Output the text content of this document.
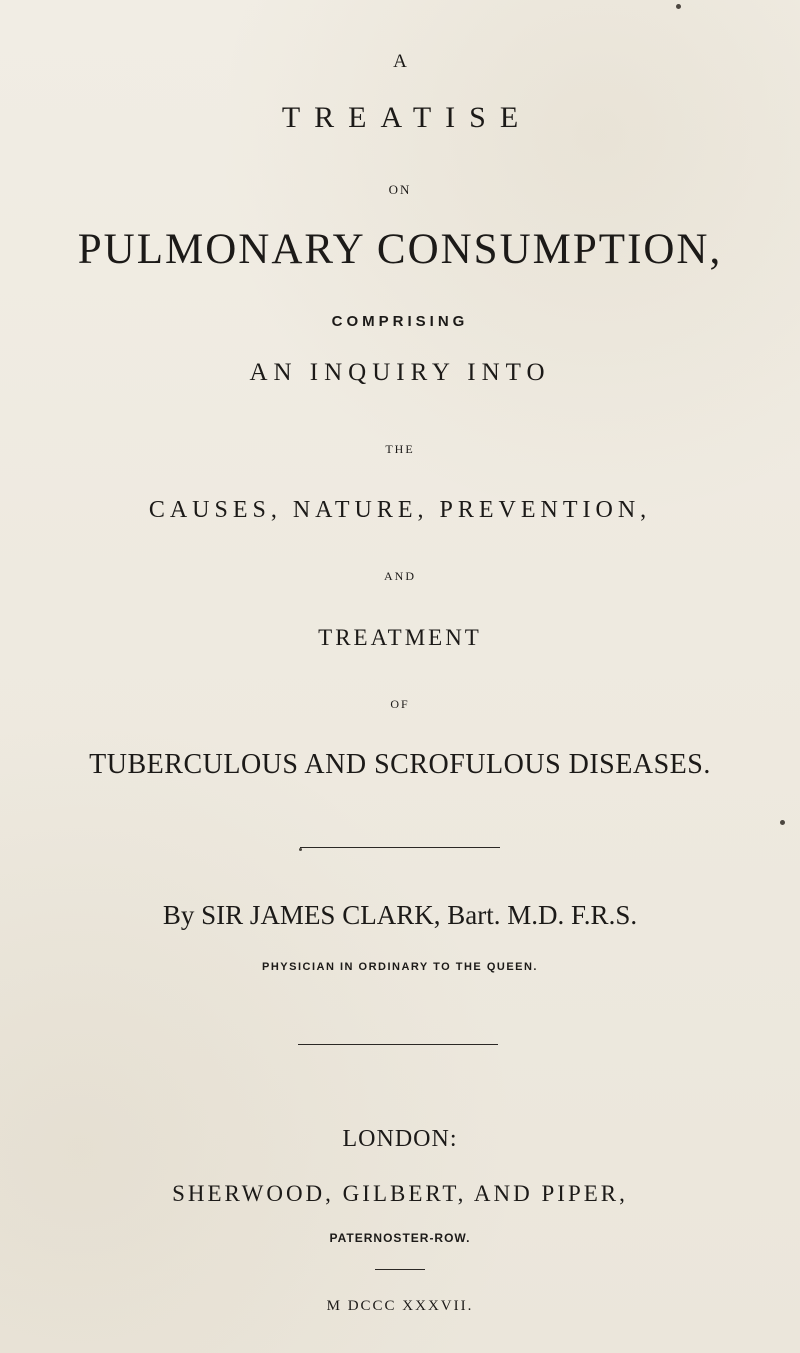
A
TREATISE
ON
PULMONARY CONSUMPTION,
COMPRISING
AN INQUIRY INTO
THE
CAUSES, NATURE, PREVENTION,
AND
TREATMENT
OF
TUBERCULOUS AND SCROFULOUS DISEASES.
By SIR JAMES CLARK, Bart. M.D. F.R.S.
PHYSICIAN IN ORDINARY TO THE QUEEN.
LONDON:
SHERWOOD, GILBERT, AND PIPER,
PATERNOSTER-ROW.
M DCCC XXXVII.
